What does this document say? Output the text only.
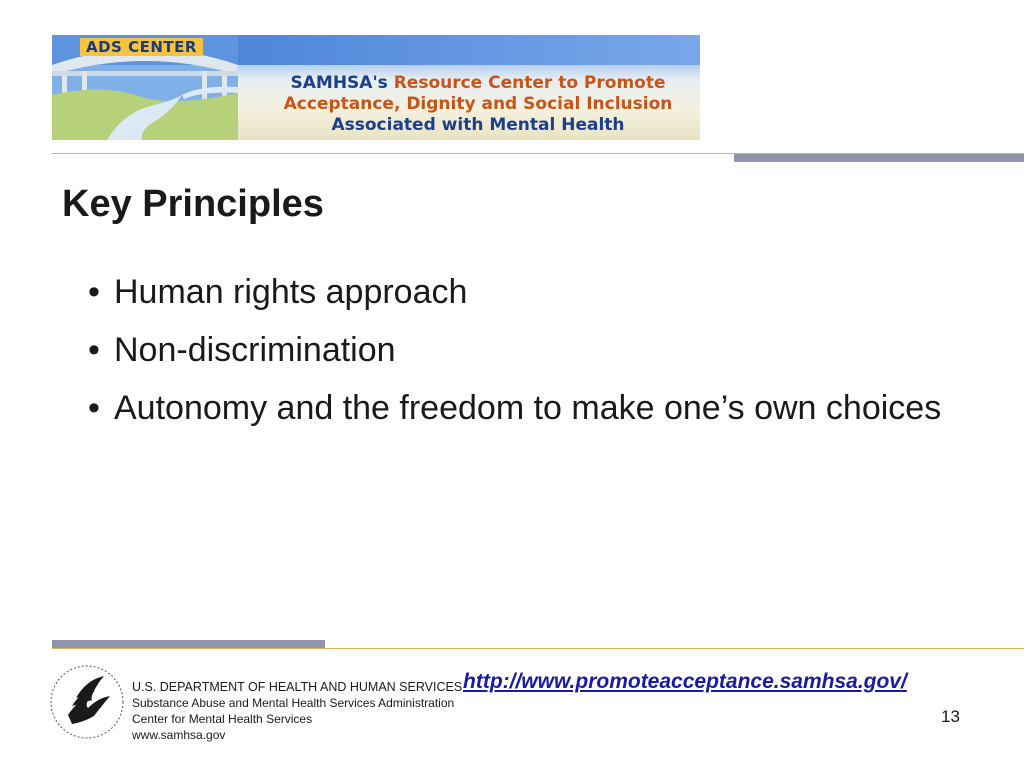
ADS CENTER
SAMHSA's Resource Center to Promote
Acceptance, Dignity and Social Inclusion
Associated with Mental Health
Key Principles
• Human rights approach
• Non-discrimination
• Autonomy and the freedom to make one’s own choices
U.S. DEPARTMENT OF HEALTH AND HUMAN SERVICES
Substance Abuse and Mental Health Services Administration
Center for Mental Health Services
www.samhsa.gov
http://www.promoteacceptance.samhsa.gov/
13
